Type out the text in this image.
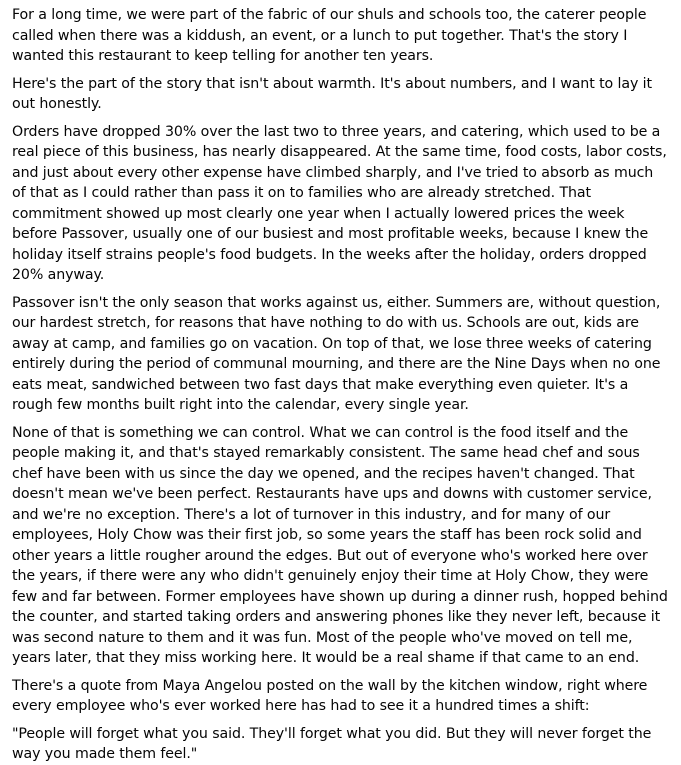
For a long time, we were part of the fabric of our shuls and schools too, the caterer people called when there was a kiddush, an event, or a lunch to put together. That's the story I wanted this restaurant to keep telling for another ten years.

Here's the part of the story that isn't about warmth. It's about numbers, and I want to lay it out honestly.

Orders have dropped 30% over the last two to three years, and catering, which used to be a real piece of this business, has nearly disappeared. At the same time, food costs, labor costs, and just about every other expense have climbed sharply, and I've tried to absorb as much of that as I could rather than pass it on to families who are already stretched. That commitment showed up most clearly one year when I actually lowered prices the week before Passover, usually one of our busiest and most profitable weeks, because I knew the holiday itself strains people's food budgets. In the weeks after the holiday, orders dropped 20% anyway.

Passover isn't the only season that works against us, either. Summers are, without question, our hardest stretch, for reasons that have nothing to do with us. Schools are out, kids are away at camp, and families go on vacation. On top of that, we lose three weeks of catering entirely during the period of communal mourning, and there are the Nine Days when no one eats meat, sandwiched between two fast days that make everything even quieter. It's a rough few months built right into the calendar, every single year.

None of that is something we can control. What we can control is the food itself and the people making it, and that's stayed remarkably consistent. The same head chef and sous chef have been with us since the day we opened, and the recipes haven't changed. That doesn't mean we've been perfect. Restaurants have ups and downs with customer service, and we're no exception. There's a lot of turnover in this industry, and for many of our employees, Holy Chow was their first job, so some years the staff has been rock solid and other years a little rougher around the edges. But out of everyone who's worked here over the years, if there were any who didn't genuinely enjoy their time at Holy Chow, they were few and far between. Former employees have shown up during a dinner rush, hopped behind the counter, and started taking orders and answering phones like they never left, because it was second nature to them and it was fun. Most of the people who've moved on tell me, years later, that they miss working here. It would be a real shame if that came to an end.

There's a quote from Maya Angelou posted on the wall by the kitchen window, right where every employee who's ever worked here has had to see it a hundred times a shift:

"People will forget what you said. They'll forget what you did. But they will never forget the way you made them feel."
